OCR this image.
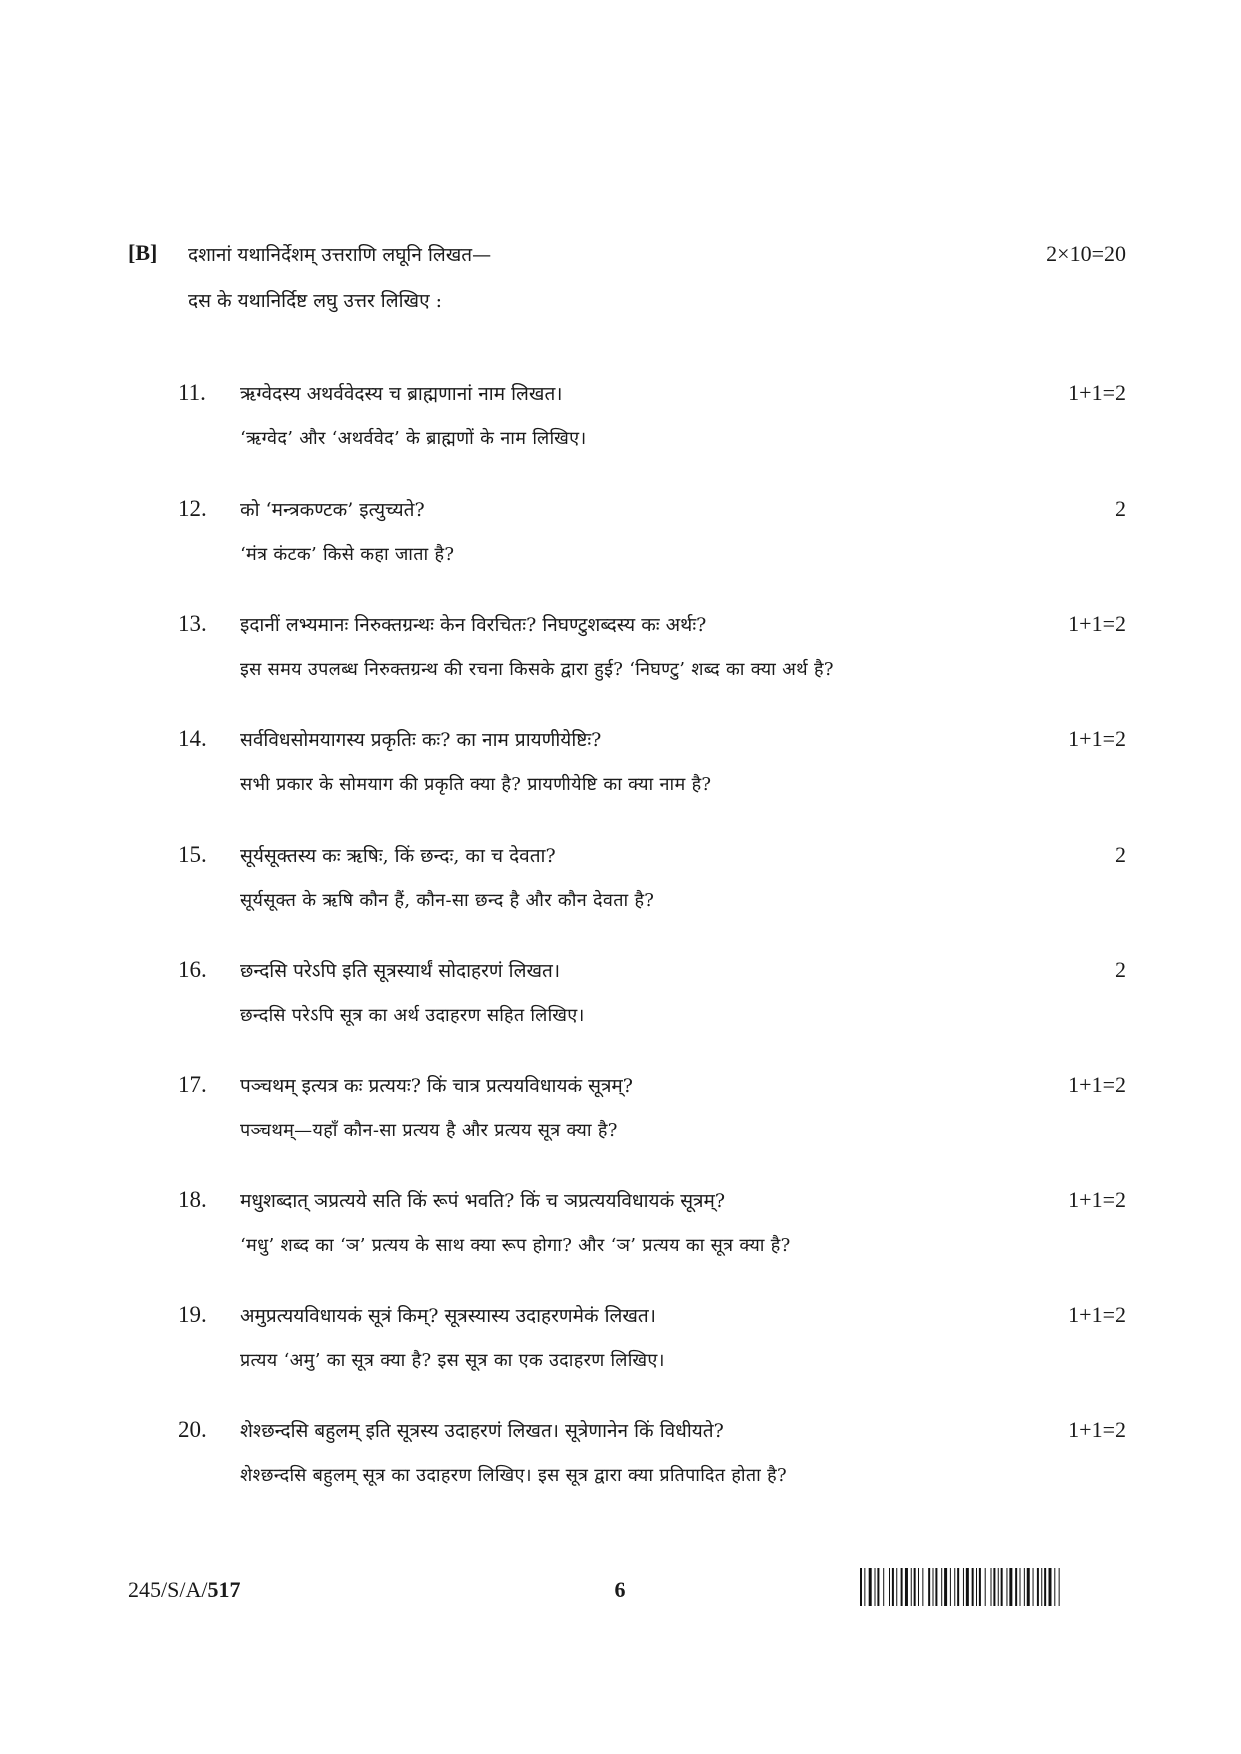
[B] दशानां यथानिर्देशम् उत्तराणि लघूनि लिखत—
दस के यथानिर्दिष्ट लघु उत्तर लिखिए :
2×10=20
11. ऋग्वेदस्य अथर्ववेदस्य च ब्राह्मणानां नाम लिखत।
‘ऋग्वेद’ और ‘अथर्ववेद’ के ब्राह्मणों के नाम लिखिए।
1+1=2
12. को ‘मन्त्रकण्टक’ इत्युच्यते?
‘मंत्र कंटक’ किसे कहा जाता है?
2
13. इदानीं लभ्यमानः निरुक्तग्रन्थः केन विरचितः? निघण्टुशब्दस्य कः अर्थः?
इस समय उपलब्ध निरुक्तग्रन्थ की रचना किसके द्वारा हुई? ‘निघण्टु’ शब्द का क्या अर्थ है?
1+1=2
14. सर्वविधसोमयागस्य प्रकृतिः कः? का नाम प्रायणीयेष्टिः?
सभी प्रकार के सोमयाग की प्रकृति क्या है? प्रायणीयेष्टि का क्या नाम है?
1+1=2
15. सूर्यसूक्तस्य कः ऋषिः, किं छन्दः, का च देवता?
सूर्यसूक्त के ऋषि कौन हैं, कौन-सा छन्द है और कौन देवता है?
2
16. छन्दसि परेऽपि इति सूत्रस्यार्थं सोदाहरणं लिखत।
छन्दसि परेऽपि सूत्र का अर्थ उदाहरण सहित लिखिए।
2
17. पञ्चथम् इत्यत्र कः प्रत्ययः? किं चात्र प्रत्ययविधायकं सूत्रम्?
पञ्चथम्—यहाँ कौन-सा प्रत्यय है और प्रत्यय सूत्र क्या है?
1+1=2
18. मधुशब्दात् ञप्रत्यये सति किं रूपं भवति? किं च ञप्रत्ययविधायकं सूत्रम्?
‘मधु’ शब्द का ‘ञ’ प्रत्यय के साथ क्या रूप होगा? और ‘ञ’ प्रत्यय का सूत्र क्या है?
1+1=2
19. अमुप्रत्ययविधायकं सूत्रं किम्? सूत्रस्यास्य उदाहरणमेकं लिखत।
प्रत्यय ‘अमु’ का सूत्र क्या है? इस सूत्र का एक उदाहरण लिखिए।
1+1=2
20. शेश्छन्दसि बहुलम् इति सूत्रस्य उदाहरणं लिखत। सूत्रेणानेन किं विधीयते?
शेश्छन्दसि बहुलम् सूत्र का उदाहरण लिखिए। इस सूत्र द्वारा क्या प्रतिपादित होता है?
1+1=2
245/S/A/517	6
